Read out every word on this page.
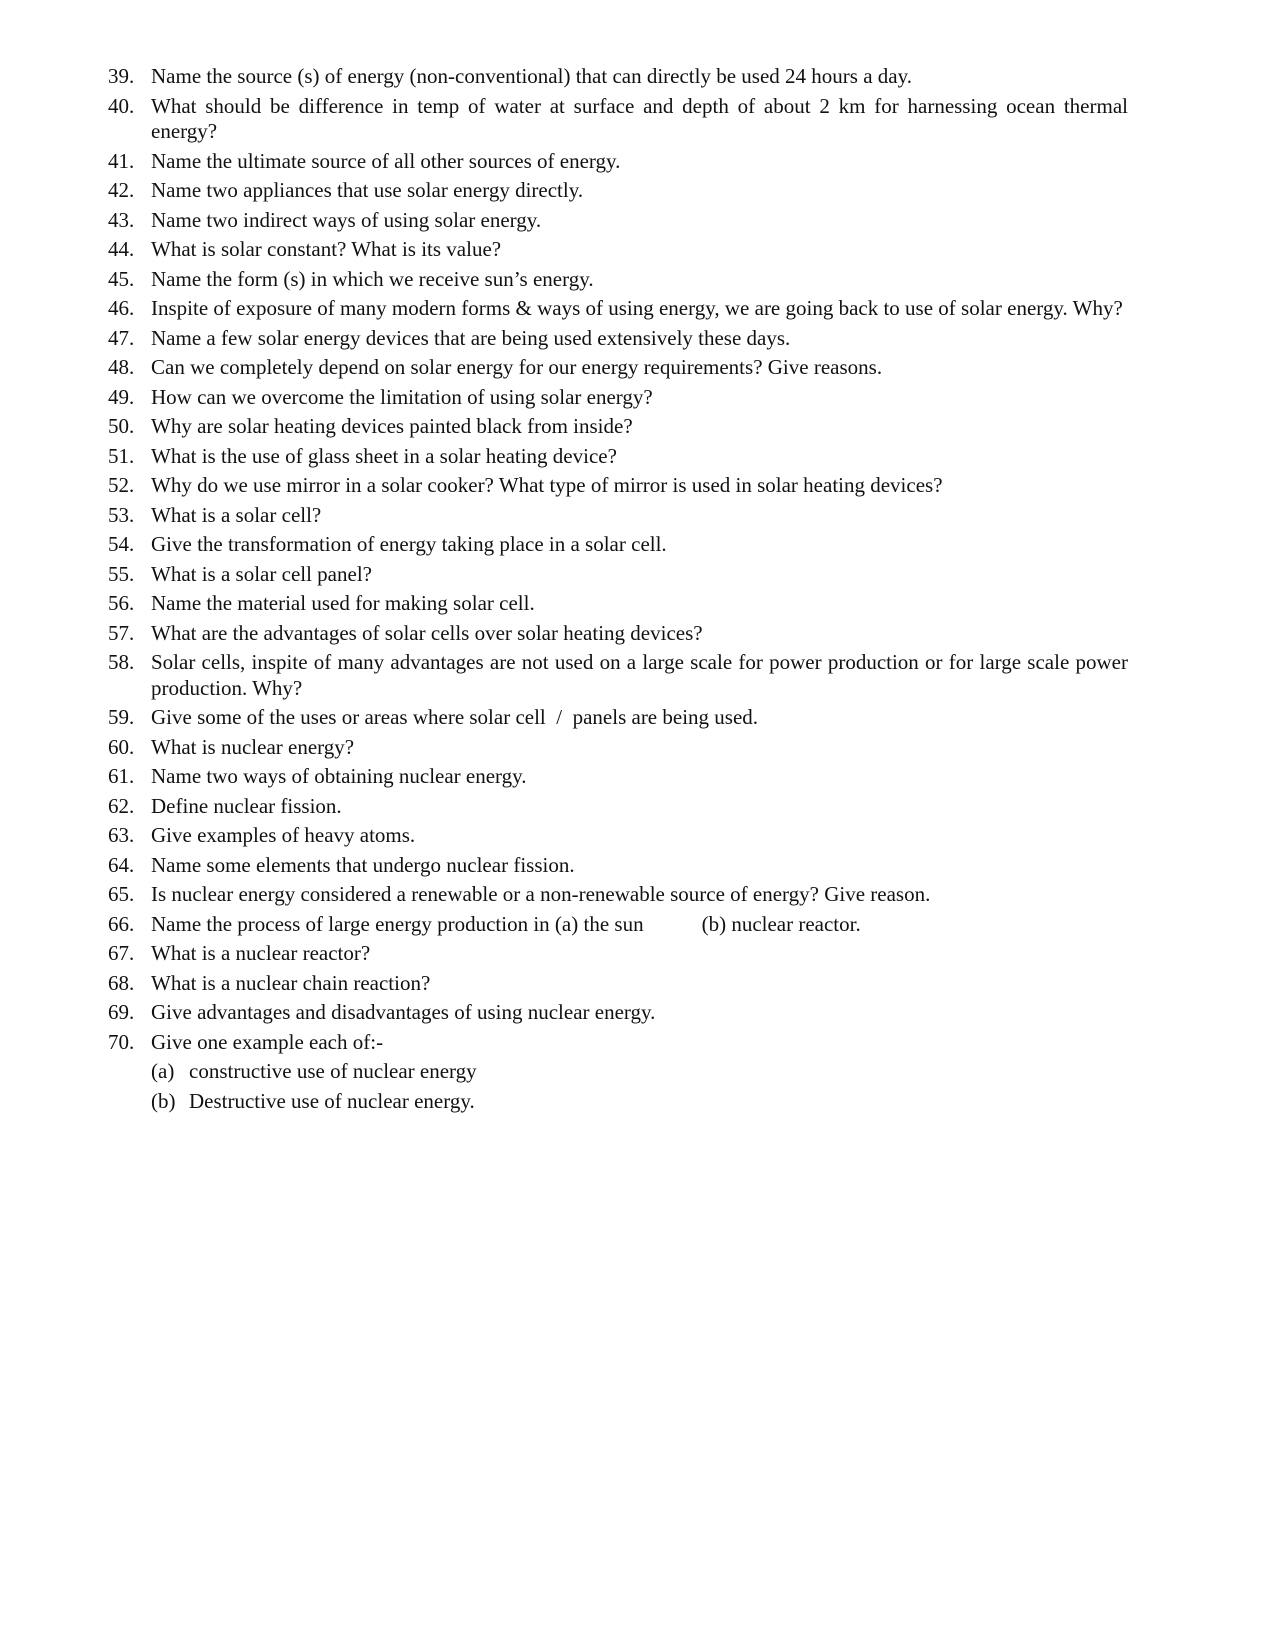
39. Name the source (s) of energy (non-conventional) that can directly be used 24 hours a day.
40. What should be difference in temp of water at surface and depth of about 2 km for harnessing ocean thermal energy?
41. Name the ultimate source of all other sources of energy.
42. Name two appliances that use solar energy directly.
43. Name two indirect ways of using solar energy.
44. What is solar constant? What is its value?
45. Name the form (s) in which we receive sun’s energy.
46. Inspite of exposure of many modern forms & ways of using energy, we are going back to use of solar energy. Why?
47. Name a few solar energy devices that are being used extensively these days.
48. Can we completely depend on solar energy for our energy requirements? Give reasons.
49. How can we overcome the limitation of using solar energy?
50. Why are solar heating devices painted black from inside?
51. What is the use of glass sheet in a solar heating device?
52. Why do we use mirror in a solar cooker? What type of mirror is used in solar heating devices?
53. What is a solar cell?
54. Give the transformation of energy taking place in a solar cell.
55. What is a solar cell panel?
56. Name the material used for making solar cell.
57. What are the advantages of solar cells over solar heating devices?
58. Solar cells, inspite of many advantages are not used on a large scale for power production or for large scale power production. Why?
59. Give some of the uses or areas where solar cell  /  panels are being used.
60. What is nuclear energy?
61. Name two ways of obtaining nuclear energy.
62. Define nuclear fission.
63. Give examples of heavy atoms.
64. Name some elements that undergo nuclear fission.
65. Is nuclear energy considered a renewable or a non-renewable source of energy? Give reason.
66. Name the process of large energy production in (a) the sun	(b) nuclear reactor.
67. What is a nuclear reactor?
68. What is a nuclear chain reaction?
69. Give advantages and disadvantages of using nuclear energy.
70. Give one example each of:-
(a) constructive use of nuclear energy
(b) Destructive use of nuclear energy.
